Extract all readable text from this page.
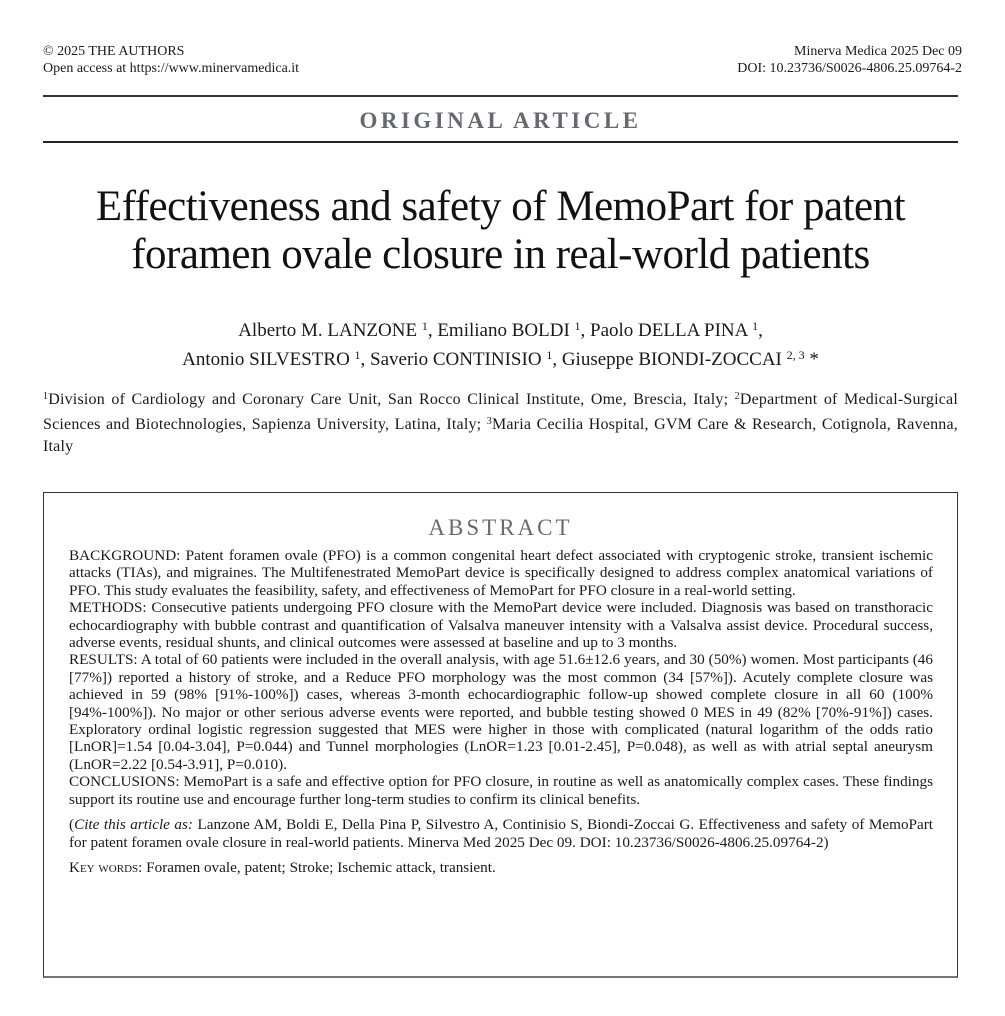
© 2025 THE AUTHORS
Open access at https://www.minervamedica.it
Minerva Medica 2025 Dec 09
DOI: 10.23736/S0026-4806.25.09764-2
ORIGINAL ARTICLE
Effectiveness and safety of MemoPart for patent
foramen ovale closure in real-world patients
Alberto M. LANZONE $^1$, Emiliano BOLDI $^1$, Paolo DELLA PINA $^1$,
Antonio SILVESTRO $^1$, Saverio CONTINISIO $^1$, Giuseppe BIONDI-ZOCCAI $^{2, 3}$ *
$^1$Division of Cardiology and Coronary Care Unit, San Rocco Clinical Institute, Ome, Brescia, Italy; $^2$Department of Medical-Surgical Sciences and Biotechnologies, Sapienza University, Latina, Italy; $^3$Maria Cecilia Hospital, GVM Care & Research, Cotignola, Ravenna, Italy
ABSTRACT

BACKGROUND: Patent foramen ovale (PFO) is a common congenital heart defect associated with cryptogenic stroke, transient ischemic attacks (TIAs), and migraines. The Multifenestrated MemoPart device is specifically designed to address complex anatomical variations of PFO. This study evaluates the feasibility, safety, and effectiveness of MemoPart for PFO closure in a real-world setting.

METHODS: Consecutive patients undergoing PFO closure with the MemoPart device were included. Diagnosis was based on transthoracic echocardiography with bubble contrast and quantification of Valsalva maneuver intensity with a Valsalva assist device. Procedural success, adverse events, residual shunts, and clinical outcomes were assessed at baseline and up to 3 months.

RESULTS: A total of 60 patients were included in the overall analysis, with age 51.6±12.6 years, and 30 (50%) women. Most participants (46 [77%]) reported a history of stroke, and a Reduce PFO morphology was the most common (34 [57%]). Acutely complete closure was achieved in 59 (98% [91%-100%]) cases, whereas 3-month echocardiographic follow-up showed complete closure in all 60 (100% [94%-100%]). No major or other serious adverse events were reported, and bubble testing showed 0 MES in 49 (82% [70%-91%]) cases. Exploratory ordinal logistic regression suggested that MES were higher in those with complicated (natural logarithm of the odds ratio [LnOR]=1.54 [0.04-3.04], P=0.044) and Tunnel morphologies (LnOR=1.23 [0.01-2.45], P=0.048), as well as with atrial septal aneurysm (LnOR=2.22 [0.54-3.91], P=0.010).

CONCLUSIONS: MemoPart is a safe and effective option for PFO closure, in routine as well as anatomically complex cases. These findings support its routine use and encourage further long-term studies to confirm its clinical benefits.

(Cite this article as: Lanzone AM, Boldi E, Della Pina P, Silvestro A, Continisio S, Biondi-Zoccai G. Effectiveness and safety of MemoPart for patent foramen ovale closure in real-world patients. Minerva Med 2025 Dec 09. DOI: 10.23736/S0026-4806.25.09764-2)

Key words: Foramen ovale, patent; Stroke; Ischemic attack, transient.
